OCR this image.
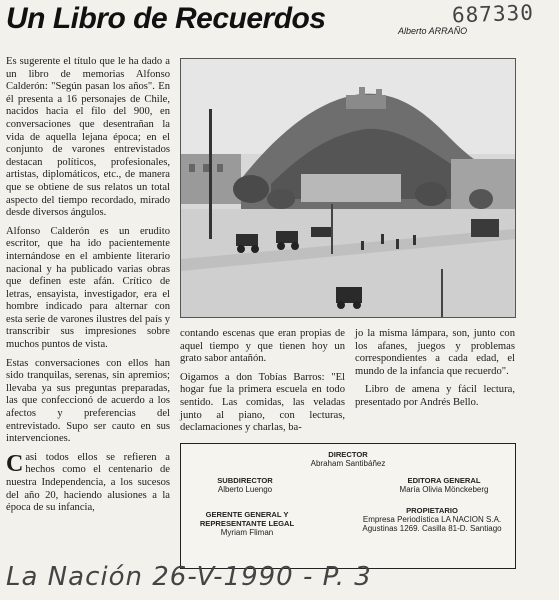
Un Libro de Recuerdos	Alberto ARRAÑO
687330

Es sugerente el título que le ha dado a un libro de memorias Alfonso Calderón: "Según pasan los años". En él presenta a 16 personajes de Chile, nacidos hacia el filo del 900, en conversaciones que desentrañan la vida de aquella lejana época; en el conjunto de varones entrevistados destacan políticos, profesionales, artistas, diplomáticos, etc., de manera que se obtiene de sus relatos un total aspecto del tiempo recordado, mirado desde diversos ángulos.

Alfonso Calderón es un erudito escritor, que ha ido pacientemente internándose en el ambiente literario nacional y ha publicado varias obras que definen este afán. Crítico de letras, ensayista, investigador, era el hombre indicado para alternar con esta serie de varones ilustres del país y transcribir sus impresiones sobre muchos puntos de vista.

Estas conversaciones con ellos han sido tranquilas, serenas, sin apremios; llevaba ya sus preguntas preparadas, las que confeccionó de acuerdo a los afectos y preferencias del entrevistado. Supo ser cauto en sus intervenciones.

Casi todos ellos se refieren a hechos como el centenario de nuestra Independencia, a los sucesos del año 20, haciendo alusiones a la época de su infancia,

contando escenas que eran propias de aquel tiempo y que tienen hoy un grato sabor antañón.

Oigamos a don Tobías Barros: "El hogar fue la primera escuela en todo sentido. Las comidas, las veladas junto al piano, con lecturas, declamaciones y charlas, ba-

jo la misma lámpara, son, junto con los afanes, juegos y problemas correspondientes a cada edad, el mundo de la infancia que recuerdo".

Libro de amena y fácil lectura, presentado por Andrés Bello.

DIRECTOR
Abraham Santibáñez
SUBDIRECTOR
Alberto Luengo
EDITORA GENERAL
María Olivia Mönckeberg
GERENTE GENERAL Y
REPRESENTANTE LEGAL
Myriam Fliman
PROPIETARIO
Empresa Periodística LA NACION S.A.
Agustinas 1269. Casilla 81-D. Santiago
La Nación 26-V-1990 - P. 3
